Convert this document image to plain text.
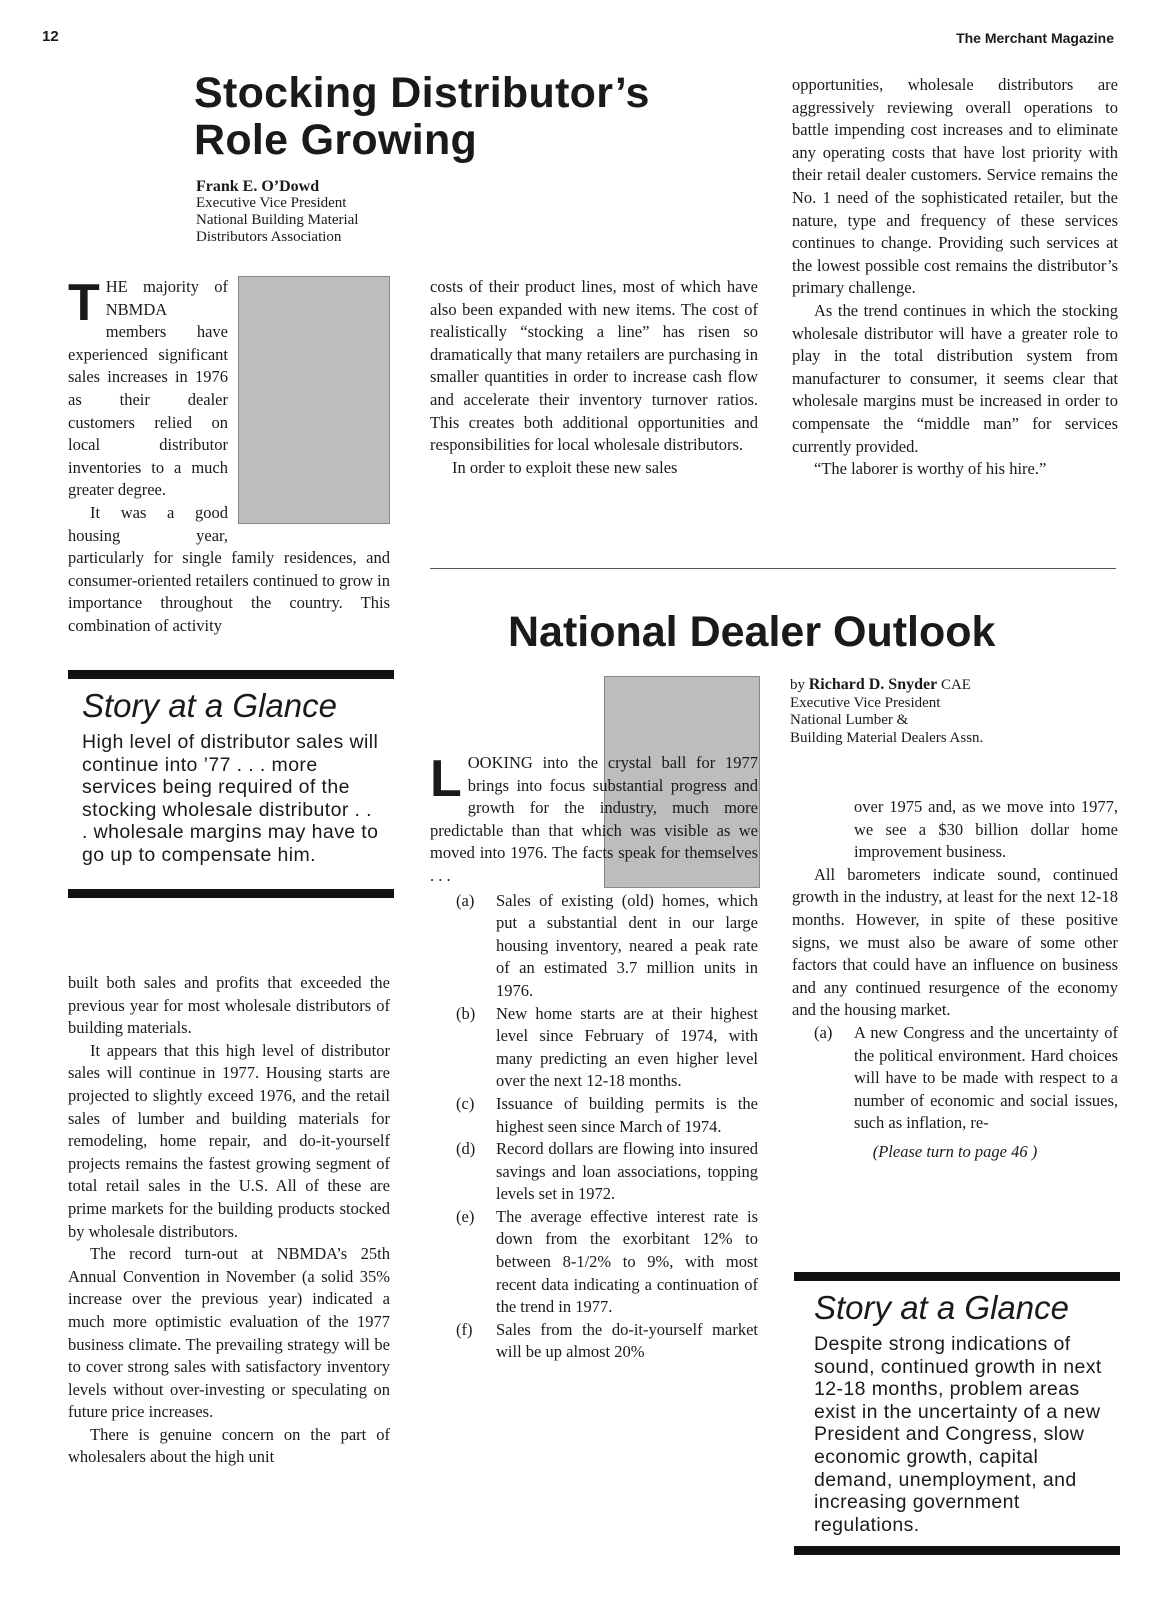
12	The Merchant Magazine
Stocking Distributor’s Role Growing
Frank E. O’Dowd
Executive Vice President
National Building Material
Distributors Association
T HE majority of NBMDA members have experienced significant sales increases in 1976 as their dealer customers relied on local distributor inventories to a much greater degree.

It was a good housing year, particularly for single family residences, and consumer-oriented retailers continued to grow in importance throughout the country. This combination of activity

Story at a Glance
High level of distributor sales will continue into ’77 . . . more services being required of the stocking wholesale distributor . . . wholesale margins may have to go up to compensate him.

built both sales and profits that exceeded the previous year for most wholesale distributors of building materials.

It appears that this high level of distributor sales will continue in 1977. Housing starts are projected to slightly exceed 1976, and the retail sales of lumber and building materials for remodeling, home repair, and do-it-yourself projects remains the fastest growing segment of total retail sales in the U.S. All of these are prime markets for the building products stocked by wholesale distributors.

The record turn-out at NBMDA’s 25th Annual Convention in November (a solid 35% increase over the previous year) indicated a much more optimistic evaluation of the 1977 business climate. The prevailing strategy will be to cover strong sales with satisfactory inventory levels without over-investing or speculating on future price increases.

There is genuine concern on the part of wholesalers about the high unit

costs of their product lines, most of which have also been expanded with new items. The cost of realistically “stocking a line” has risen so dramatically that many retailers are purchasing in smaller quantities in order to increase cash flow and accelerate their inventory turnover ratios. This creates both additional opportunities and responsibilities for local wholesale distributors.

In order to exploit these new sales

opportunities, wholesale distributors are aggressively reviewing overall operations to battle impending cost increases and to eliminate any operating costs that have lost priority with their retail dealer customers. Service remains the No. 1 need of the sophisticated retailer, but the nature, type and frequency of these services continues to change. Providing such services at the lowest possible cost remains the distributor’s primary challenge.

As the trend continues in which the stocking wholesale distributor will have a greater role to play in the total distribution system from manufacturer to consumer, it seems clear that wholesale margins must be increased in order to compensate the “middle man” for services currently provided.

“The laborer is worthy of his hire.”

National Dealer Outlook
by Richard D. Snyder CAE
Executive Vice President
National Lumber &
Building Material Dealers Assn.
L OOKING into the crystal ball for 1977 brings into focus substantial progress and growth for the industry, much more predictable than that which was visible as we moved into 1976. The facts speak for themselves . . .

(a)	Sales of existing (old) homes, which put a substantial dent in our large housing inventory, neared a peak rate of an estimated 3.7 million units in 1976.
(b)	New home starts are at their highest level since February of 1974, with many predicting an even higher level over the next 12-18 months.
(c)	Issuance of building permits is the highest seen since March of 1974.
(d)	Record dollars are flowing into insured savings and loan associations, topping levels set in 1972.
(e)	The average effective interest rate is down from the exorbitant 12% to between 8-1/2% to 9%, with most recent data indicating a continuation of the trend in 1977.
(f)	Sales from the do-it-yourself market will be up almost 20%

over 1975 and, as we move into 1977, we see a $30 billion dollar home improvement business.

All barometers indicate sound, continued growth in the industry, at least for the next 12-18 months. However, in spite of these positive signs, we must also be aware of some other factors that could have an influence on business and any continued resurgence of the economy and the housing market.

(a)	A new Congress and the uncertainty of the political environment. Hard choices will have to be made with respect to a number of economic and social issues, such as inflation, re-

(Please turn to page 46 )

Story at a Glance
Despite strong indications of sound, continued growth in next 12-18 months, problem areas exist in the uncertainty of a new President and Congress, slow economic growth, capital demand, unemployment, and increasing government regulations.
